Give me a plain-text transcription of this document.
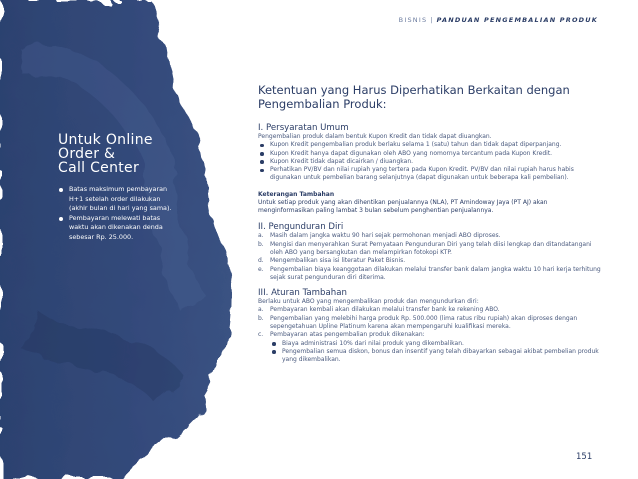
Untuk Online
Order &
Call Center
Batas maksimum pembayaran H+1 setelah order dilakukan (akhir bulan di hari yang sama).
Pembayaran melewati batas waktu akan dikenakan denda sebesar Rp. 25.000.
BISNIS | PANDUAN PENGEMBALIAN PRODUK
Ketentuan yang Harus Diperhatikan Berkaitan dengan Pengembalian Produk:
I. Persyaratan Umum

Pengembalian produk dalam bentuk Kupon Kredit dan tidak dapat diuangkan.

Kupon Kredit pengembalian produk berlaku selama 1 (satu) tahun dan tidak dapat diperpanjang.
Kupon Kredit hanya dapat digunakan oleh ABO yang nomornya tercantum pada Kupon Kredit.
Kupon Kredit tidak dapat dicairkan / diuangkan.
Perhatikan PV/BV dan nilai rupiah yang tertera pada Kupon Kredit. PV/BV dan nilai rupiah harus habis digunakan untuk pembelian barang selanjutnya (dapat digunakan untuk beberapa kali pembelian).
Keterangan Tambahan
Untuk setiap produk yang akan dihentikan penjualannya (NLA), PT Amindoway Jaya (PT AJ) akan menginformasikan paling lambat 3 bulan sebelum penghentian penjualannya.
II. Pengunduran Diri
a. Masih dalam jangka waktu 90 hari sejak permohonan menjadi ABO diproses.
b. Mengisi dan menyerahkan Surat Pernyataan Pengunduran Diri yang telah diisi lengkap dan ditandatangani oleh ABO yang bersangkutan dan melampirkan fotokopi KTP.
d. Mengembalikan sisa isi literatur Paket Bisnis.
e. Pengembalian biaya keanggotaan dilakukan melalui transfer bank dalam jangka waktu 10 hari kerja terhitung sejak surat pengunduran diri diterima.
III. Aturan Tambahan

Berlaku untuk ABO yang mengembalikan produk dan mengundurkan diri:

a. Pembayaran kembali akan dilakukan melalui transfer bank ke rekening ABO.
b. Pengembalian yang melebihi harga produk Rp. 500.000 (lima ratus ribu rupiah) akan diproses dengan sepengetahuan Upline Platinum karena akan mempengaruhi kualifikasi mereka.
c. Pembayaran atas pengembalian produk dikenakan:
Biaya administrasi 10% dari nilai produk yang dikembalikan.
Pengembalian semua diskon, bonus dan insentif yang telah dibayarkan sebagai akibat pembelian produk yang dikembalikan.
151
